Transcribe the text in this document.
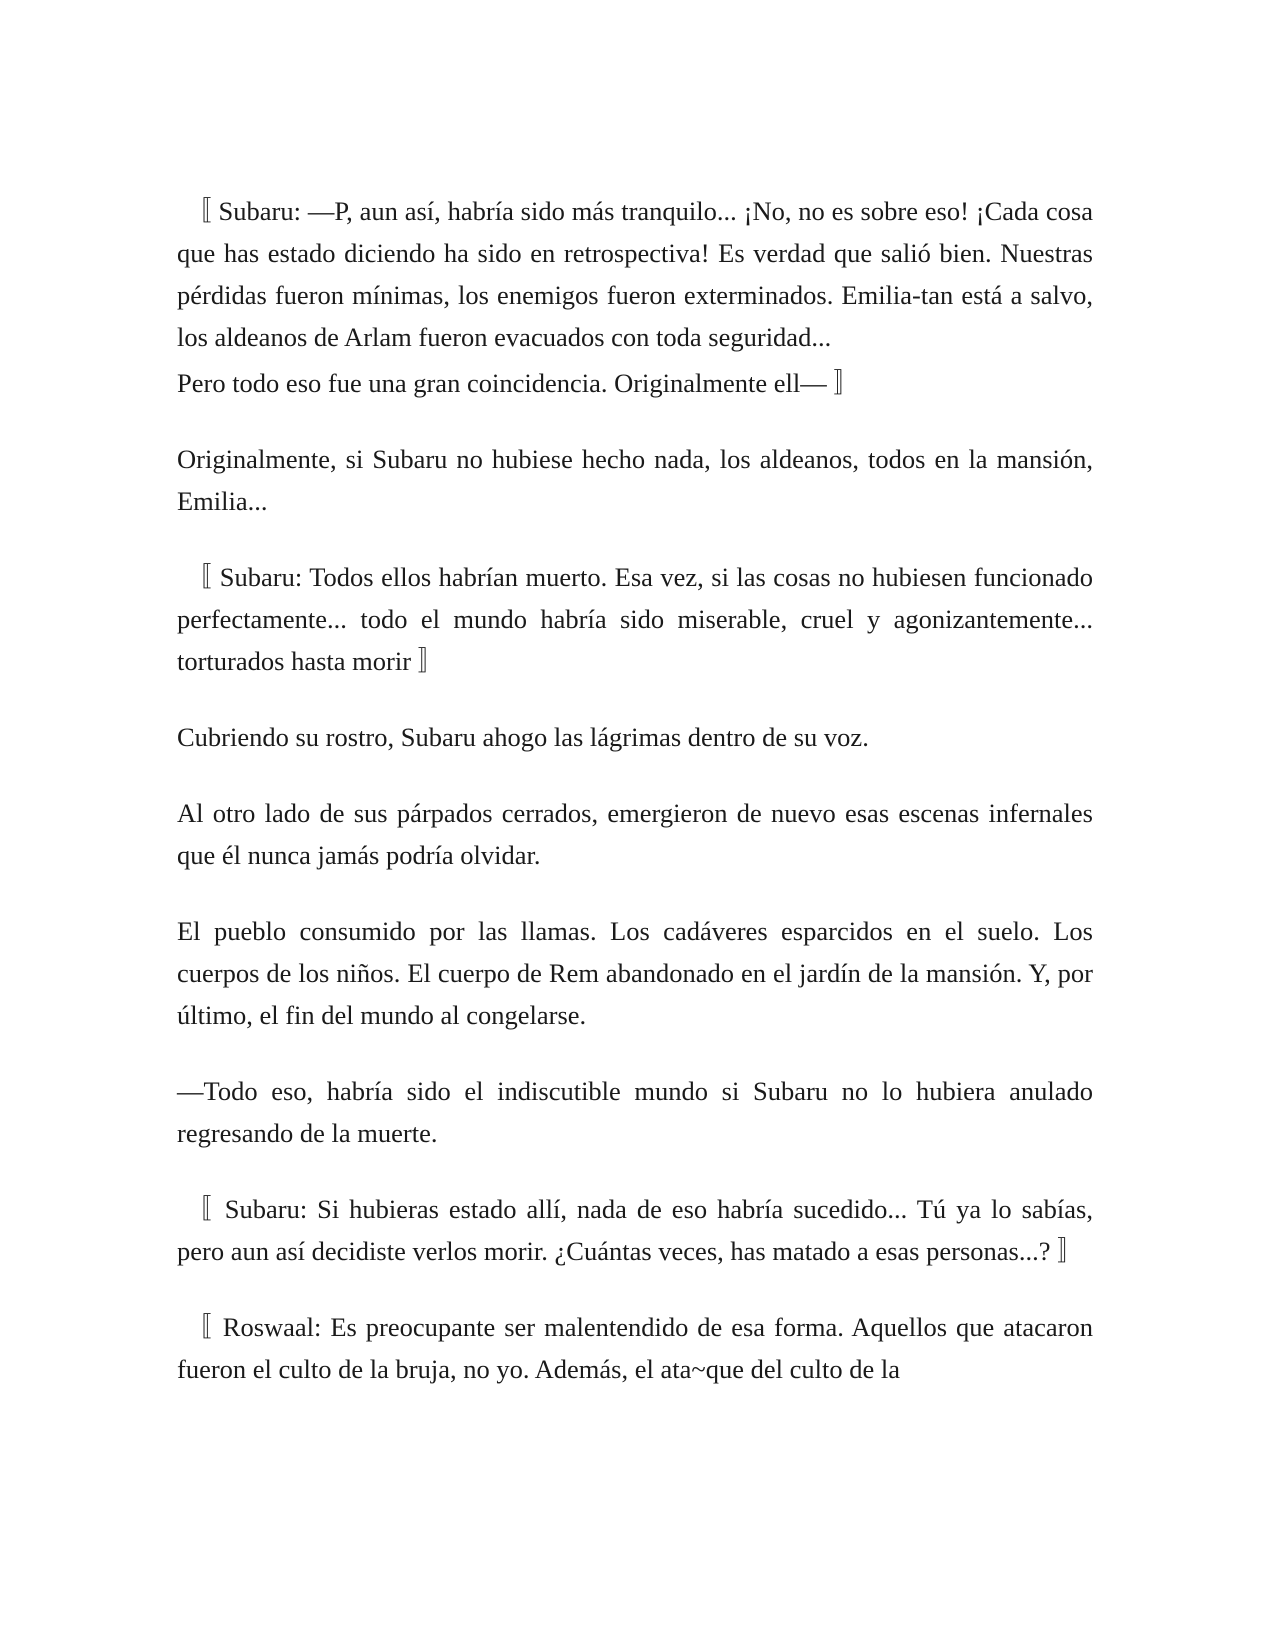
〚 Subaru: —P, aun así, habría sido más tranquilo... ¡No, no es sobre eso! ¡Cada cosa que has estado diciendo ha sido en retrospectiva! Es verdad que salió bien. Nuestras pérdidas fueron mínimas, los enemigos fueron exterminados. Emilia-tan está a salvo, los aldeanos de Arlam fueron evacuados con toda seguridad...

Pero todo eso fue una gran coincidencia. Originalmente ell— 〛

Originalmente, si Subaru no hubiese hecho nada, los aldeanos, todos en la mansión, Emilia...

〚 Subaru: Todos ellos habrían muerto. Esa vez, si las cosas no hubiesen funcionado perfectamente... todo el mundo habría sido miserable, cruel y agonizantemente... torturados hasta morir 〛

Cubriendo su rostro, Subaru ahogo las lágrimas dentro de su voz.

Al otro lado de sus párpados cerrados, emergieron de nuevo esas escenas infernales que él nunca jamás podría olvidar.

El pueblo consumido por las llamas. Los cadáveres esparcidos en el suelo. Los cuerpos de los niños. El cuerpo de Rem abandonado en el jardín de la mansión. Y, por último, el fin del mundo al congelarse.

—Todo eso, habría sido el indiscutible mundo si Subaru no lo hubiera anulado regresando de la muerte.

〚 Subaru: Si hubieras estado allí, nada de eso habría sucedido... Tú ya lo sabías, pero aun así decidiste verlos morir. ¿Cuántas veces, has matado a esas personas...? 〛

〚 Roswaal: Es preocupante ser malentendido de esa forma. Aquellos que atacaron fueron el culto de la bruja, no yo. Además, el ata~que del culto de la
